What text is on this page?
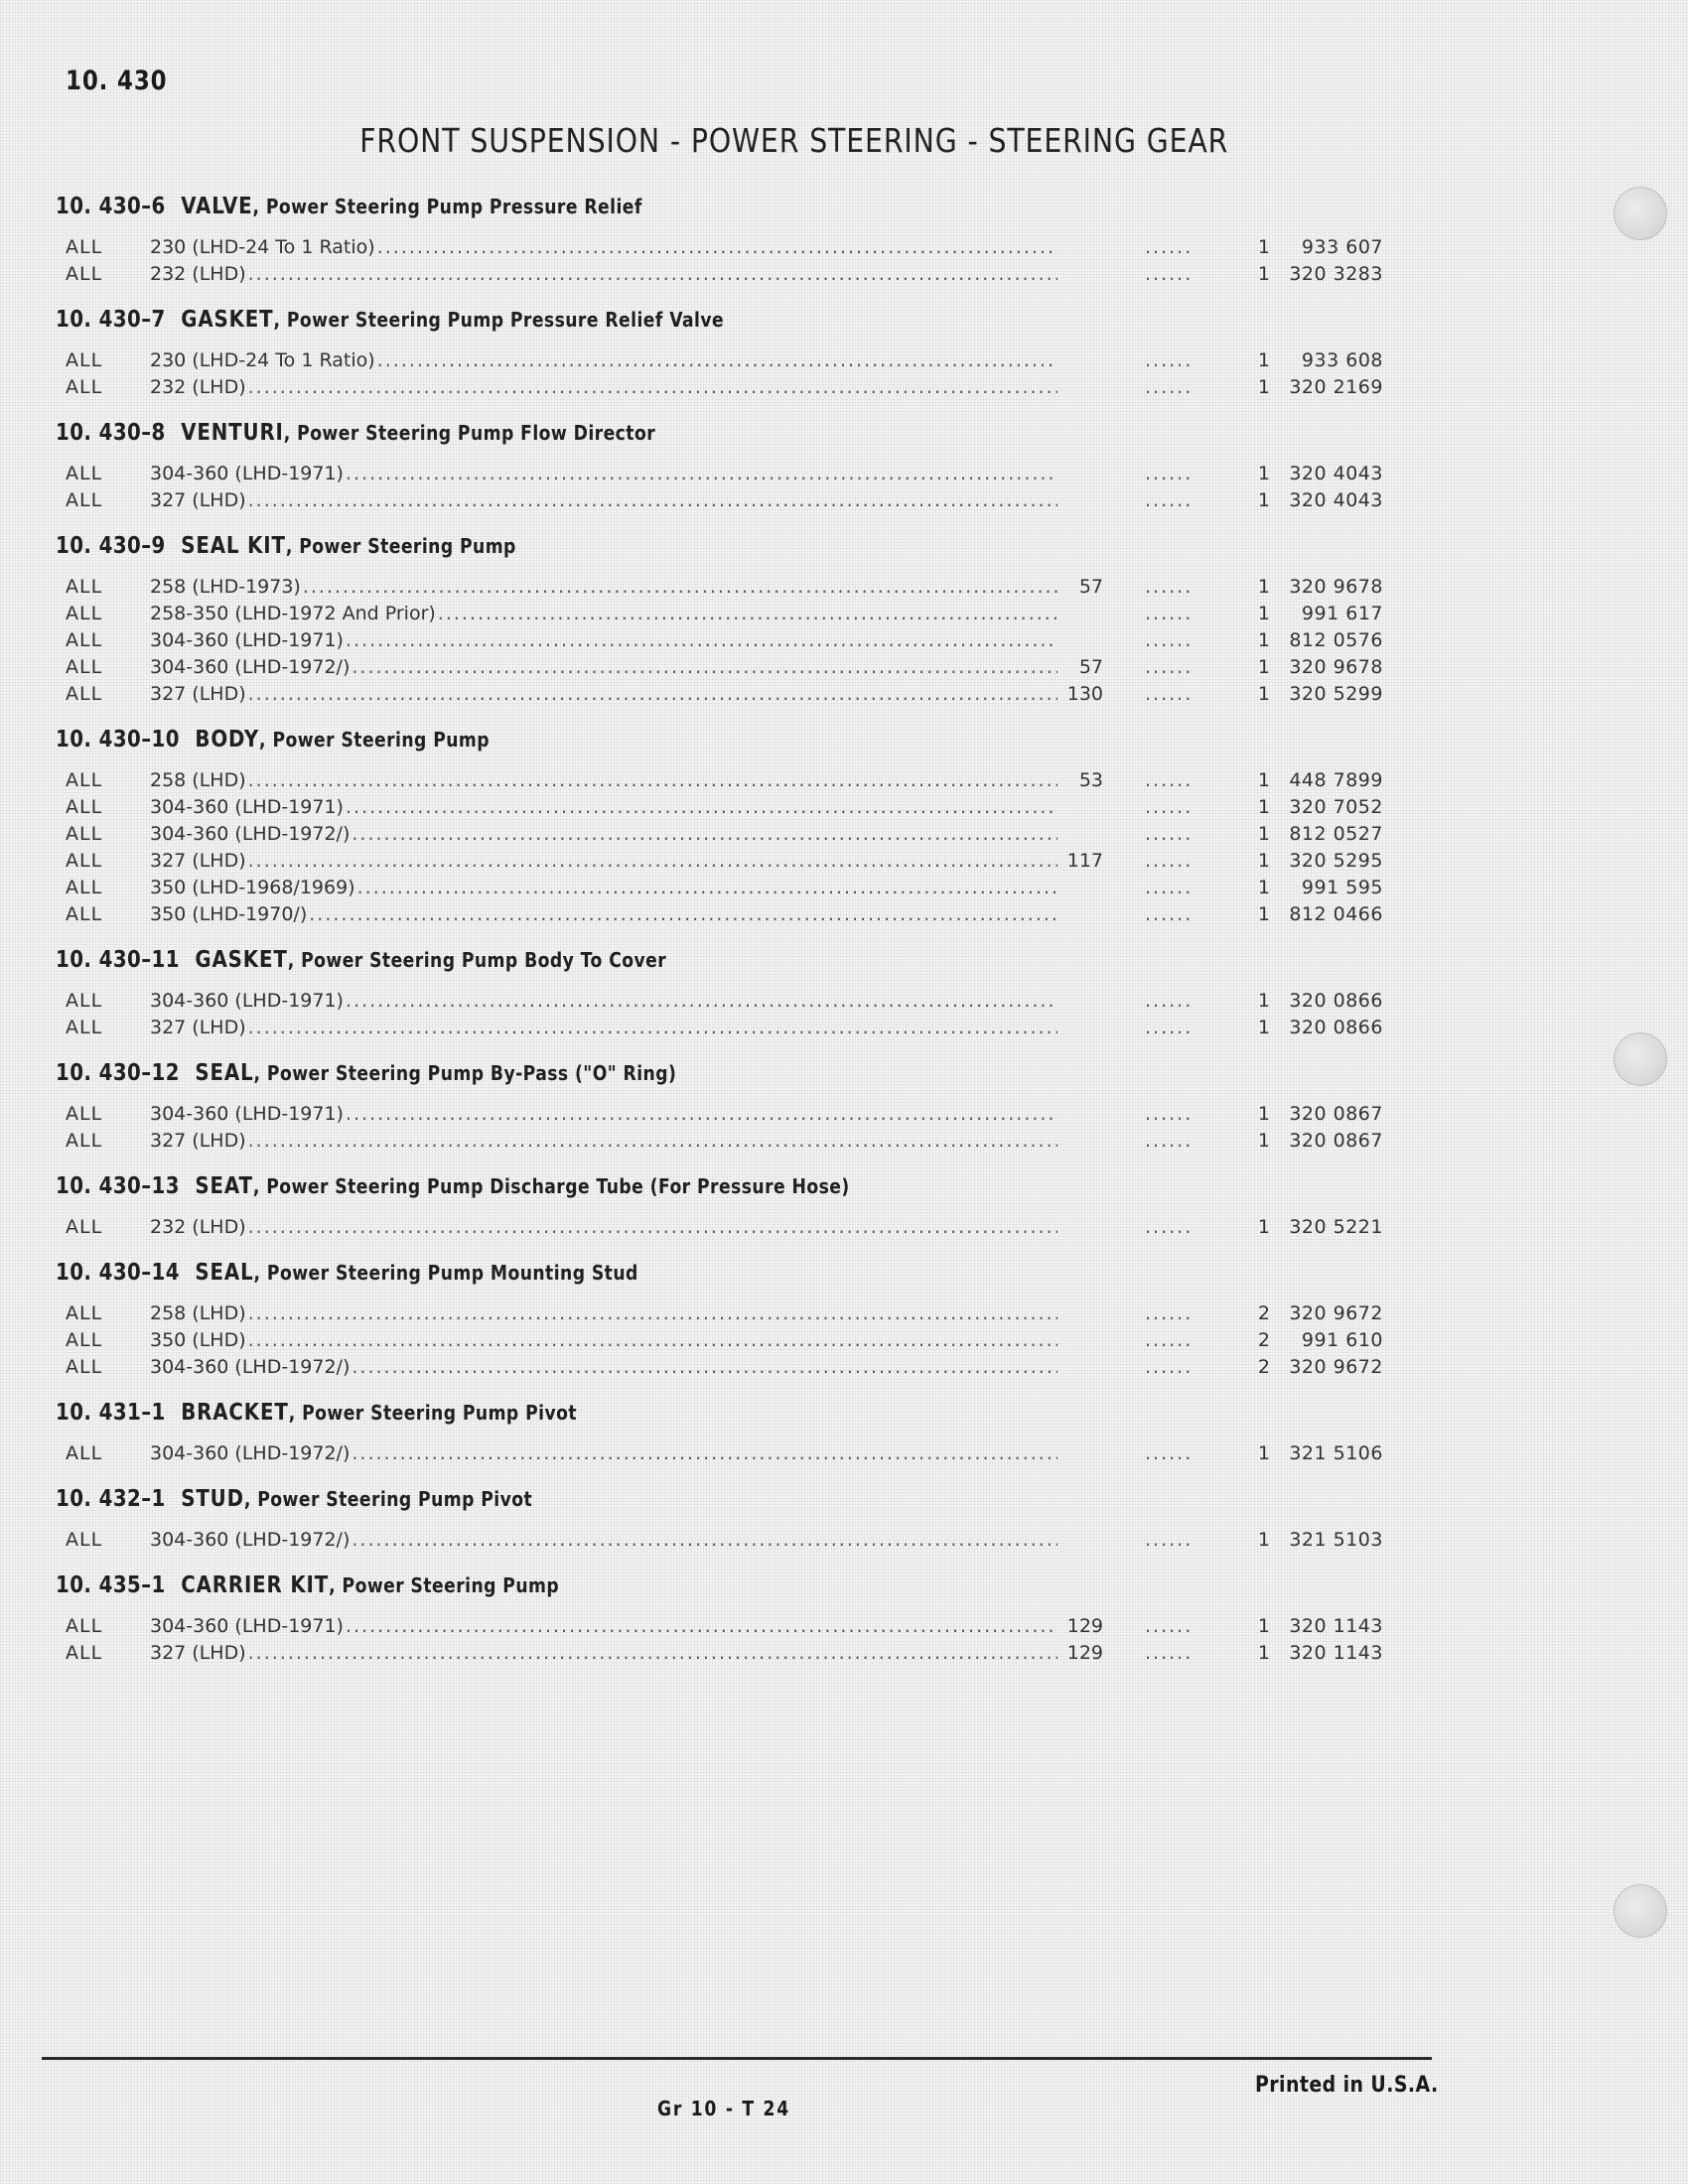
10. 430
FRONT SUSPENSION - POWER STEERING - STEERING GEAR
10. 430–6 VALVE, Power Steering Pump Pressure Relief
ALL	230 (LHD-24 To 1 Ratio) .....	......	1	933 607
ALL	232 (LHD) .....	......	1	320 3283
10. 430–7 GASKET, Power Steering Pump Pressure Relief Valve
ALL	230 (LHD-24 To 1 Ratio) .....	......	1	933 608
ALL	232 (LHD) .....	......	1	320 2169
10. 430–8 VENTURI, Power Steering Pump Flow Director
ALL	304-360 (LHD-1971) .....	......	1	320 4043
ALL	327 (LHD) .....	......	1	320 4043
10. 430–9 SEAL KIT, Power Steering Pump
ALL	258 (LHD-1973) .....	57 ......	1	320 9678
ALL	258-350 (LHD-1972 And Prior) .....	......	1	991 617
ALL	304-360 (LHD-1971) .....	......	1	812 0576
ALL	304-360 (LHD-1972/) .....	57 ......	1	320 9678
ALL	327 (LHD) .....	130 ......	1	320 5299
10. 430–10 BODY, Power Steering Pump
ALL	258 (LHD) .....	53 ......	1	448 7899
ALL	304-360 (LHD-1971) .....	......	1	320 7052
ALL	304-360 (LHD-1972/) .....	......	1	812 0527
ALL	327 (LHD) .....	117 ......	1	320 5295
ALL	350 (LHD-1968/1969) .....	......	1	991 595
ALL	350 (LHD-1970/) .....	......	1	812 0466
10. 430–11 GASKET, Power Steering Pump Body To Cover
ALL	304-360 (LHD-1971) .....	......	1	320 0866
ALL	327 (LHD) .....	......	1	320 0866
10. 430–12 SEAL, Power Steering Pump By-Pass ("O" Ring)
ALL	304-360 (LHD-1971) .....	......	1	320 0867
ALL	327 (LHD) .....	......	1	320 0867
10. 430–13 SEAT, Power Steering Pump Discharge Tube (For Pressure Hose)
ALL	232 (LHD) .....	......	1	320 5221
10. 430–14 SEAL, Power Steering Pump Mounting Stud
ALL	258 (LHD) .....	......	2	320 9672
ALL	350 (LHD) .....	......	2	991 610
ALL	304-360 (LHD-1972/) .....	......	2	320 9672
10. 431–1 BRACKET, Power Steering Pump Pivot
ALL	304-360 (LHD-1972/) .....	......	1	321 5106
10. 432–1 STUD, Power Steering Pump Pivot
ALL	304-360 (LHD-1972/) .....	......	1	321 5103
10. 435–1 CARRIER KIT, Power Steering Pump
ALL	304-360 (LHD-1971) .....	129 ......	1	320 1143
ALL	327 (LHD) .....	129 ......	1	320 1143
Printed in U.S.A.
Gr 10 - T 24
